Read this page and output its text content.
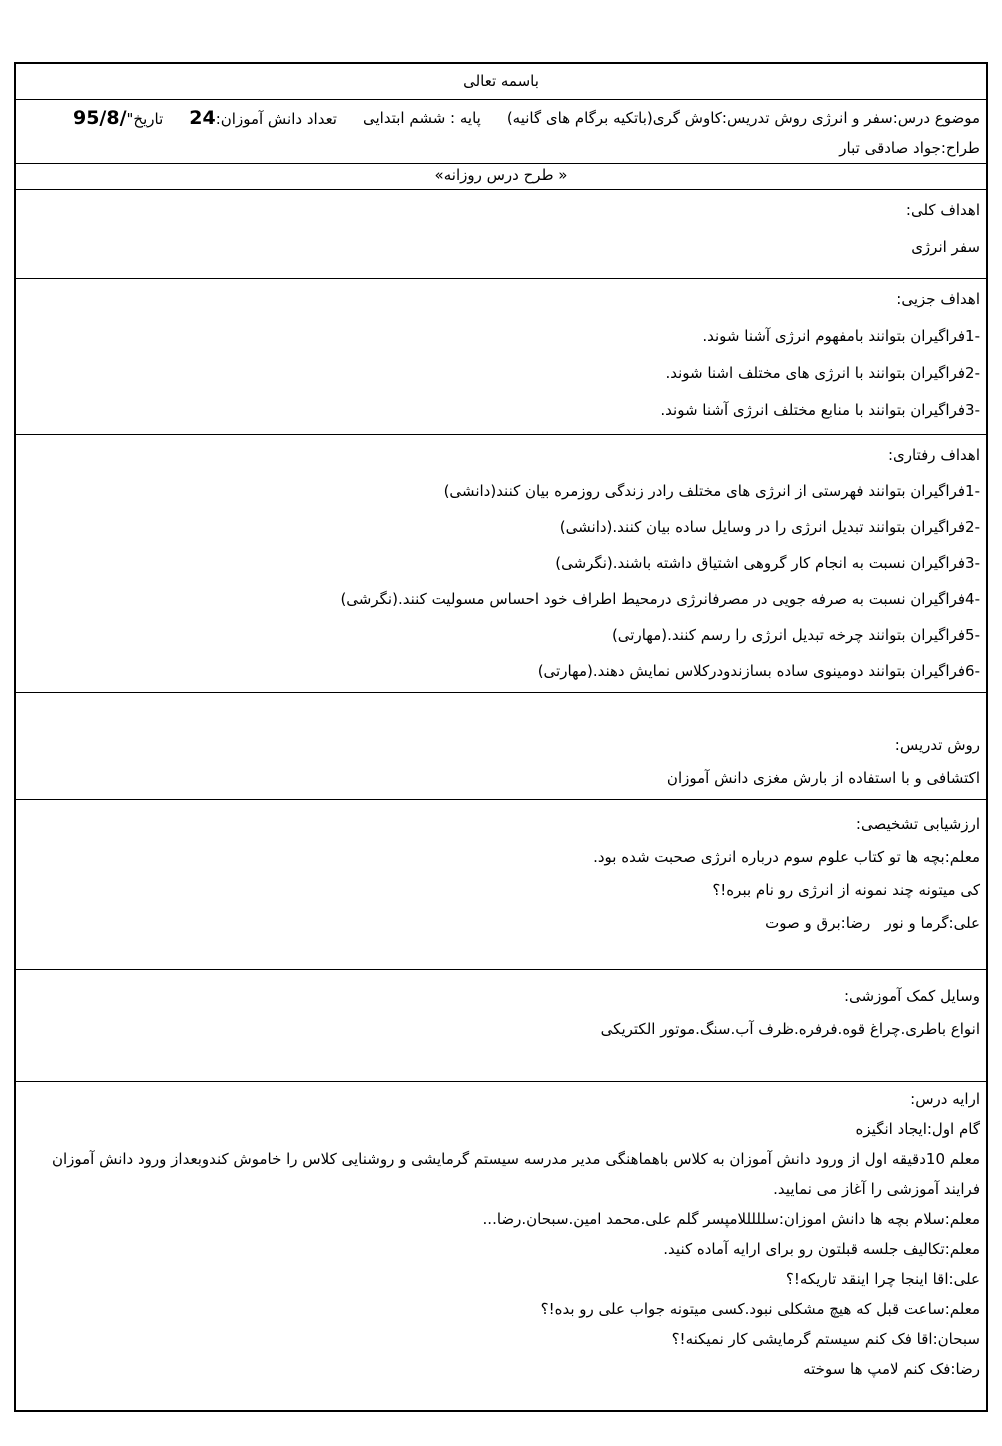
باسمه تعالی
موضوع درس:سفر و انرژی روش تدریس:کاوش گری(باتکیه برگام های گانیه)
پایه : ششم ابتدایی
تعداد دانش آموزان:24
تاریخ"95/8/
طراح:جواد صادقی تبار
« طرح درس روزانه»
اهداف کلی:
سفر انرژی
اهداف جزیی:
-1فراگیران بتوانند بامفهوم انرژی آشنا شوند.
-2فراگیران بتوانند با انرژی های مختلف اشنا شوند.
-3فراگیران بتوانند با منابع مختلف انرژی آشنا شوند.
اهداف رفتاری:
-1فراگیران بتوانند فهرستی از انرژی های مختلف رادر زندگی روزمره بیان کنند(دانشی)
-2فراگیران بتوانند تبدیل انرژی را در وسایل ساده بیان کنند.(دانشی)
-3فراگیران نسبت به انجام کار گروهی اشتیاق داشته باشند.(نگرشی)
-4فراگیران نسبت به صرفه جویی در مصرفانرژی درمحیط اطراف خود احساس مسولیت کنند.(نگرشی)
-5فراگیران بتوانند چرخه تبدیل انرژی را رسم کنند.(مهارتی)
-6فراگیران بتوانند دومینوی ساده بسازندودرکلاس نمایش دهند.(مهارتی)
روش تدریس:
اکتشافی و با استفاده از بارش مغزی دانش آموزان
ارزشیابی تشخیصی:
معلم:بچه ها تو کتاب علوم سوم درباره انرژی صحبت شده بود.
کی میتونه چند نمونه از انرژی رو نام ببره!؟
علی:گرما و نور   رضا:برق و صوت
وسایل کمک آموزشی:
انواع باطری.چراغ قوه.فرفره.ظرف آب.سنگ.موتور الکتریکی
ارایه درس:
گام اول:ایجاد انگیزه
معلم 10دقیقه اول از ورود دانش آموزان به کلاس باهماهنگی مدیر مدرسه سیستم گرمایشی و روشنایی کلاس را خاموش کندوبعداز ورود دانش آموزان فرایند آموزشی را آغاز می نمایید.
معلم:سلام بچه ها دانش اموزان:سلللللامپسر گلم علی.محمد امین.سبحان.رضا...
معلم:تکالیف جلسه قبلتون رو برای ارایه آماده کنید.
علی:اقا اینجا چرا اینقد تاریکه!؟
معلم:ساعت قبل که هیچ مشکلی نبود.کسی میتونه جواب علی رو بده!؟
سبحان:اقا فک کنم سیستم گرمایشی کار نمیکنه!؟
رضا:فک کنم لامپ ها سوخته
